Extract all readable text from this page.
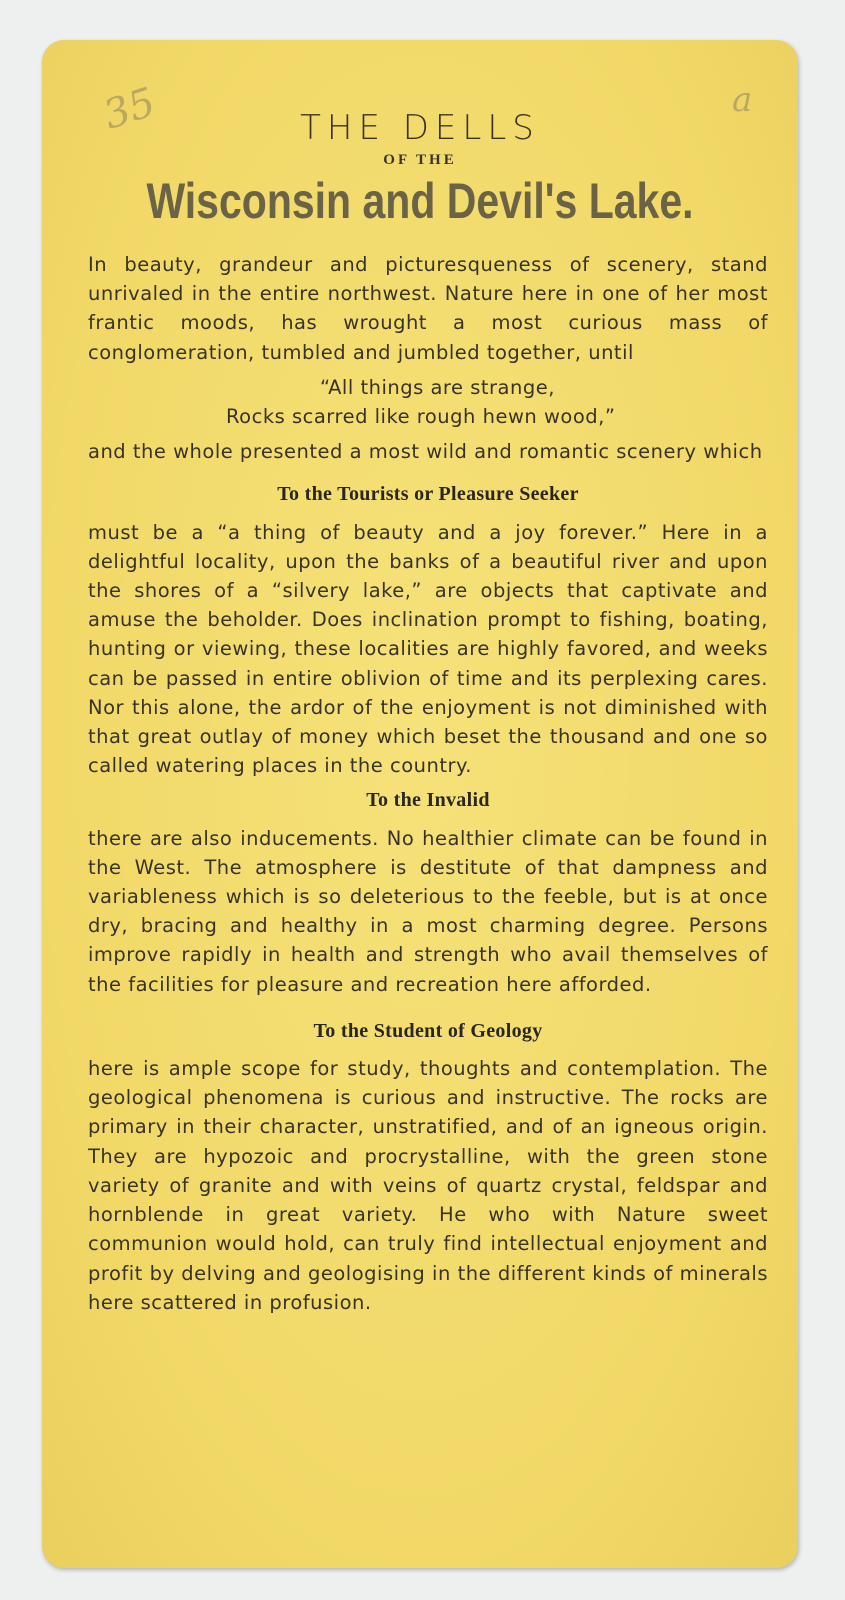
35	a

THE DELLS

OF THE

Wisconsin and Devil's Lake.

In beauty, grandeur and picturesqueness of scenery, stand unrivaled in the entire northwest. Nature here in one of her most frantic moods, has wrought a most curious mass of conglomeration, tumbled and jumbled together, until

“All things are strange,
Rocks scarred like rough hewn wood,”

and the whole presented a most wild and romantic scenery which

To the Tourists or Pleasure Seeker

must be a “a thing of beauty and a joy forever.” Here in a delightful locality, upon the banks of a beautiful river and upon the shores of a “silvery lake,” are objects that captivate and amuse the beholder. Does inclination prompt to fishing, boating, hunting or viewing, these localities are highly favored, and weeks can be passed in entire oblivion of time and its perplexing cares. Nor this alone, the ardor of the enjoyment is not diminished with that great outlay of money which beset the thousand and one so called watering places in the country.

To the Invalid

there are also inducements. No healthier climate can be found in the West. The atmosphere is destitute of that dampness and variableness which is so deleterious to the feeble, but is at once dry, bracing and healthy in a most charming degree. Persons improve rapidly in health and strength who avail themselves of the facilities for pleasure and recreation here afforded.

To the Student of Geology

here is ample scope for study, thoughts and contemplation. The geological phenomena is curious and instructive. The rocks are primary in their character, unstratified, and of an igneous origin. They are hypozoic and procrystalline, with the green stone variety of granite and with veins of quartz crystal, feldspar and hornblende in great variety. He who with Nature sweet communion would hold, can truly find intellectual enjoyment and profit by delving and geologising in the different kinds of minerals here scattered in profusion.
